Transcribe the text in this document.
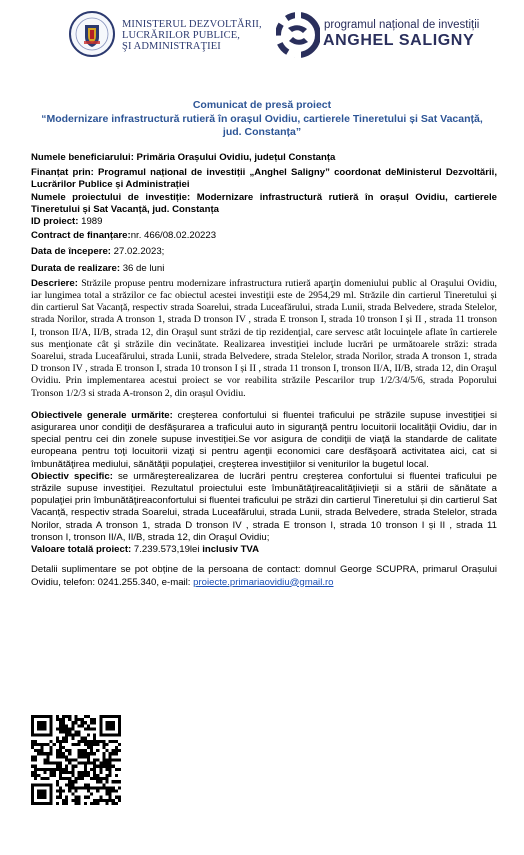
MINISTERUL DEZVOLTĂRII,
LUCRĂRILOR PUBLICE,
ŞI ADMINISTRAŢIEI
programul național de investiții
ANGHEL SALIGNY
Comunicat de presă proiect
“Modernizare infrastructură rutieră în orașul Ovidiu, cartierele Tineretului și Sat Vacanță, jud. Constanța”

Numele beneficiarului: Primăria Orașului Ovidiu, județul Constanța

Finanțat prin: Programul național de investiții „Anghel Saligny” coordonat deMinisterul Dezvoltării, Lucrărilor Publice și Administrației

Numele proiectului de investiție: Modernizare infrastructură rutieră în orașul Ovidiu, cartierele Tineretului și Sat Vacanță, jud. Constanța

ID proiect: 1989

Contract de finanțare:nr. 466/08.02.20223

Data de începere: 27.02.2023;

Durata de realizare: 36 de luni

Descriere: Străzile propuse pentru modernizare infrastructura rutieră aparţin domeniului public al Oraşului Ovidiu, iar lungimea total a străzilor ce fac obiectul acestei investiţii este de 2954,29 ml. Străzile din cartierul Tineretului și din cartierul Sat Vacanță, respectiv strada Soarelui, strada Luceafărului, strada Lunii, strada Belvedere, strada Stelelor, strada Norilor, strada A tronson 1, strada D tronson IV , strada E tronson I, strada 10 tronson I și II , strada 11 tronson I, tronson II/A, II/B, strada 12, din Oraşul sunt străzi de tip rezidenţial, care servesc atât locuinţele aflate în cartierele sus menţionate cât şi străzile din vecinătate. Realizarea investiţiei include lucrări pe următoarele străzi: strada Soarelui, strada Luceafărului, strada Lunii, strada Belvedere, strada Stelelor, strada Norilor, strada A tronson 1, strada D tronson IV , strada E tronson I, strada 10 tronson I și II , strada 11 tronson I, tronson II/A, II/B, strada 12, din Oraşul Ovidiu. Prin implementarea acestui proiect se vor reabilita străzile Pescarilor trup 1/2/3/4/5/6, strada Poporului Tronson 1/2/3 si strada A-tronson 2, din orașul Ovidiu.

Obiectivele generale urmărite: creşterea confortului si fluentei traficului pe străzile supuse investiţiei si asigurarea unor condiţii de desfăşurarea a traficului auto in siguranţă pentru locuitorii localităţii Ovidiu, dar in special pentru cei din zonele supuse investiţiei.Se vor asigura de condiţii de viaţă la standarde de calitate europeana pentru toţi locuitorii vizaţi si pentru agenţii economici care desfăşoară activitatea aici, cat si îmbunătăţirea mediului, sănătăţii populaţiei, creşterea investiţiilor si veniturilor la bugetul local.

Obiectiv specific: se urmăreşterealizarea de lucrări pentru creşterea confortului si fluentei traficului pe străzile supuse investiţiei. Rezultatul proiectului este îmbunătăţireacalităţiivieţii si a stării de sănătate a populaţiei prin îmbunătăţireaconfortului si fluentei traficului pe străzi din cartierul Tineretului și din cartierul Sat Vacanță, respectiv strada Soarelui, strada Luceafărului, strada Lunii, strada Belvedere, strada Stelelor, strada Norilor, strada A tronson 1, strada D tronson IV , strada E tronson I, strada 10 tronson I și II , strada 11 tronson I, tronson II/A, II/B, strada 12, din Oraşul Ovidiu;

Valoare totală proiect: 7.239.573,19lei inclusiv TVA

Detalii suplimentare se pot obține de la persoana de contact: domnul George SCUPRA, primarul Orașului Ovidiu, telefon: 0241.255.340, e-mail: proiecte.primariaovidiu@gmail.ro
